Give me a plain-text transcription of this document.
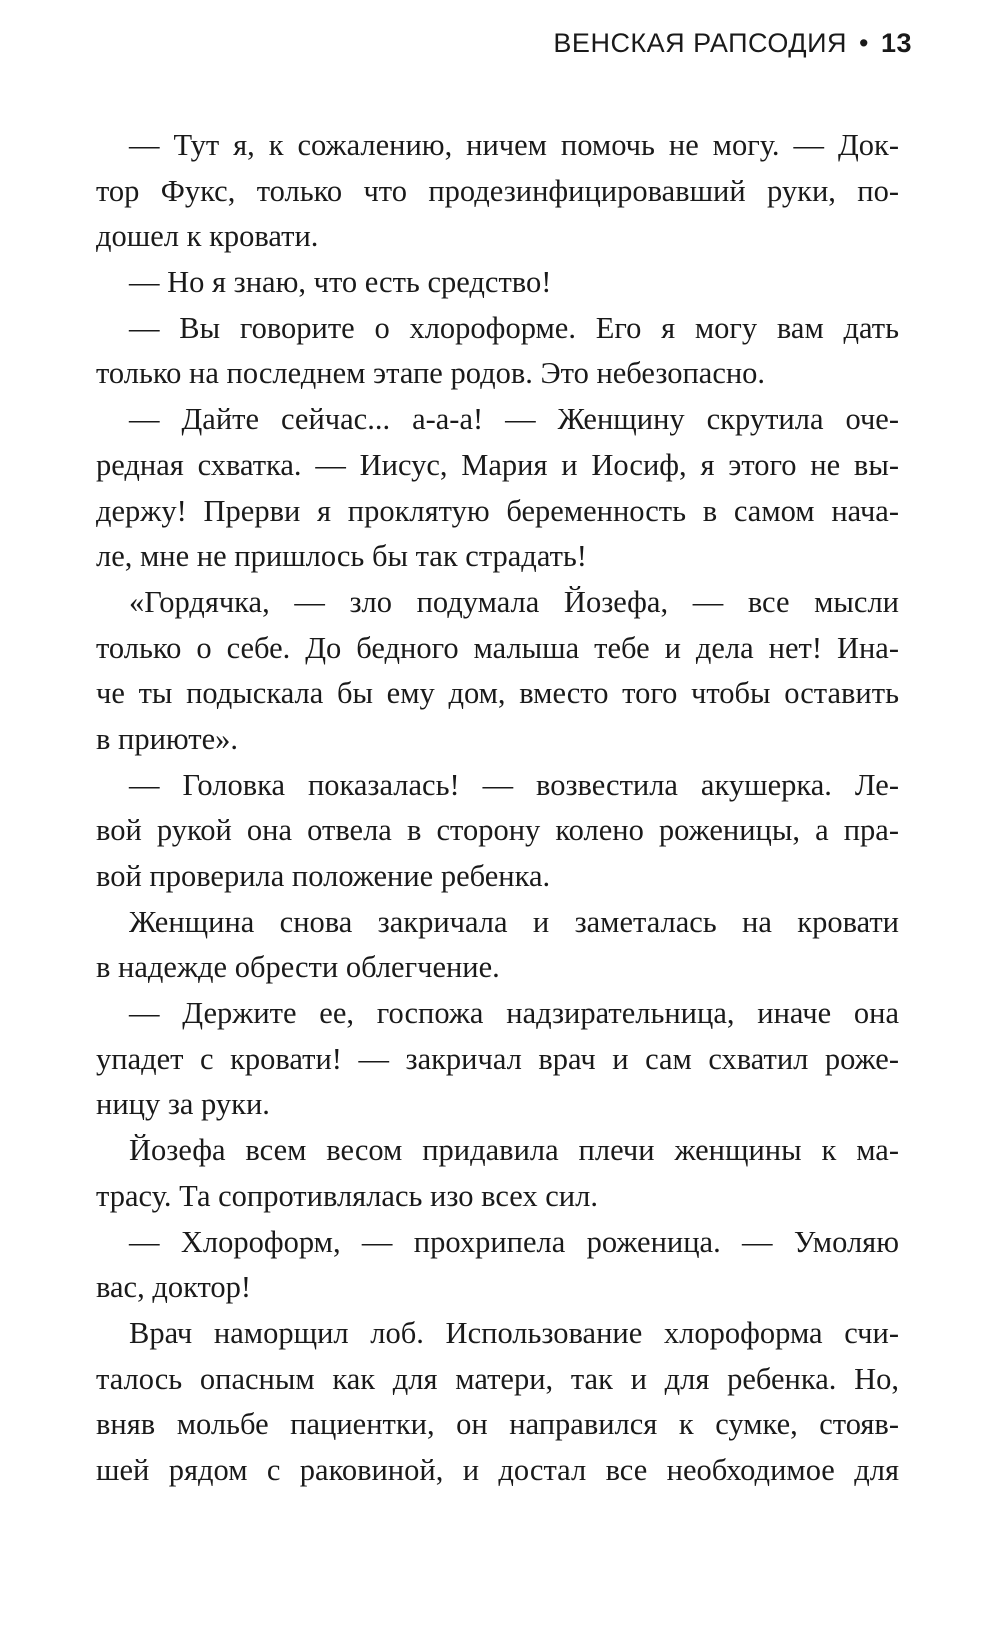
ВЕНСКАЯ РАПСОДИЯ • 13
— Тут я, к сожалению, ничем помочь не могу. — Док-
тор Фукс, только что продезинфицировавший руки, по-
дошел к кровати.
— Но я знаю, что есть средство!
— Вы говорите о хлороформе. Его я могу вам дать
только на последнем этапе родов. Это небезопасно.
— Дайте сейчас... а-а-а! — Женщину скрутила оче-
редная схватка. — Иисус, Мария и Иосиф, я этого не вы-
держу! Прерви я проклятую беременность в самом нача-
ле, мне не пришлось бы так страдать!
«Гордячка, — зло подумала Йозефа, — все мысли
только о себе. До бедного малыша тебе и дела нет! Ина-
че ты подыскала бы ему дом, вместо того чтобы оставить
в приюте».
— Головка показалась! — возвестила акушерка. Ле-
вой рукой она отвела в сторону колено роженицы, а пра-
вой проверила положение ребенка.
Женщина снова закричала и заметалась на кровати
в надежде обрести облегчение.
— Держите ее, госпожа надзирательница, иначе она
упадет с кровати! — закричал врач и сам схватил роже-
ницу за руки.
Йозефа всем весом придавила плечи женщины к ма-
трасу. Та сопротивлялась изо всех сил.
— Хлороформ, — прохрипела роженица. — Умоляю
вас, доктор!
Врач наморщил лоб. Использование хлороформа счи-
талось опасным как для матери, так и для ребенка. Но,
вняв мольбе пациентки, он направился к сумке, стояв-
шей рядом с раковиной, и достал все необходимое для
